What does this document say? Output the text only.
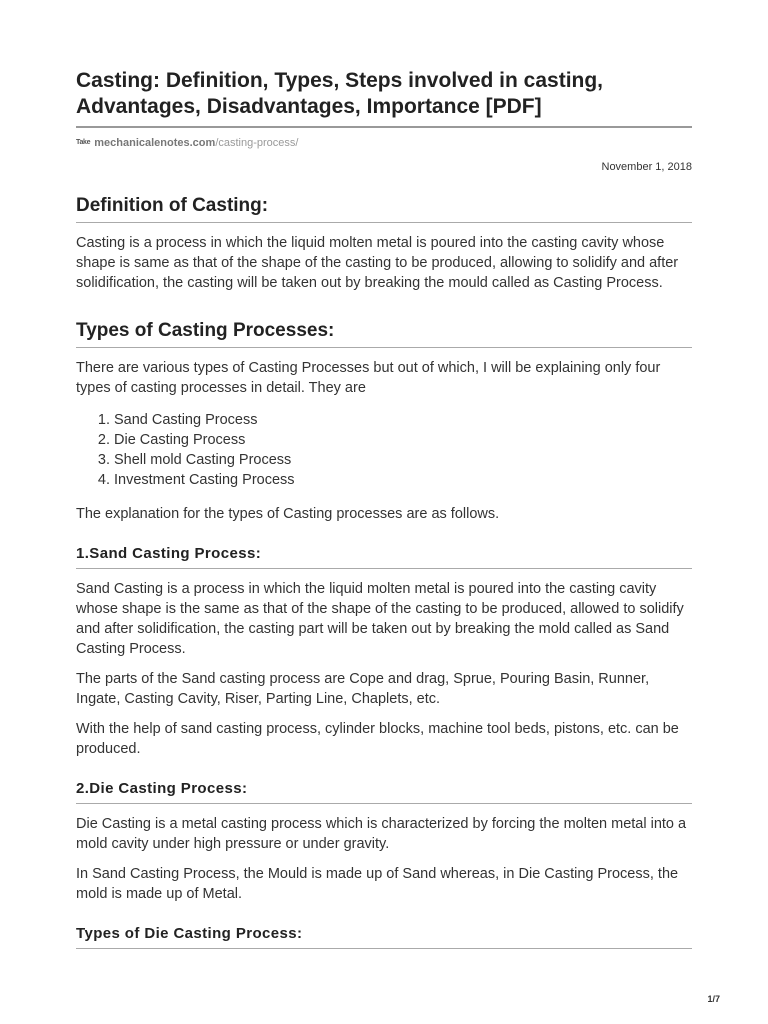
Casting: Definition, Types, Steps involved in casting, Advantages, Disadvantages, Importance [PDF]
Take mechanicalenotes.com /casting-process/
November 1, 2018
Definition of Casting:

Casting is a process in which the liquid molten metal is poured into the casting cavity whose shape is same as that of the shape of the casting to be produced, allowing to solidify and after solidification, the casting will be taken out by breaking the mould called as Casting Process.

Types of Casting Processes:

There are various types of Casting Processes but out of which, I will be explaining only four types of casting processes in detail. They are

1. Sand Casting Process
2. Die Casting Process
3. Shell mold Casting Process
4. Investment Casting Process

The explanation for the types of Casting processes are as follows.

1.Sand Casting Process:

Sand Casting is a process in which the liquid molten metal is poured into the casting cavity whose shape is the same as that of the shape of the casting to be produced, allowed to solidify and after solidification, the casting part will be taken out by breaking the mold called as Sand Casting Process.

The parts of the Sand casting process are Cope and drag, Sprue, Pouring Basin, Runner, Ingate, Casting Cavity, Riser, Parting Line, Chaplets, etc.

With the help of sand casting process, cylinder blocks, machine tool beds, pistons, etc. can be produced.

2.Die Casting Process:

Die Casting is a metal casting process which is characterized by forcing the molten metal into a mold cavity under high pressure or under gravity.

In Sand Casting Process, the Mould is made up of Sand whereas, in Die Casting Process, the mold is made up of Metal.

Types of Die Casting Process:
1/7
